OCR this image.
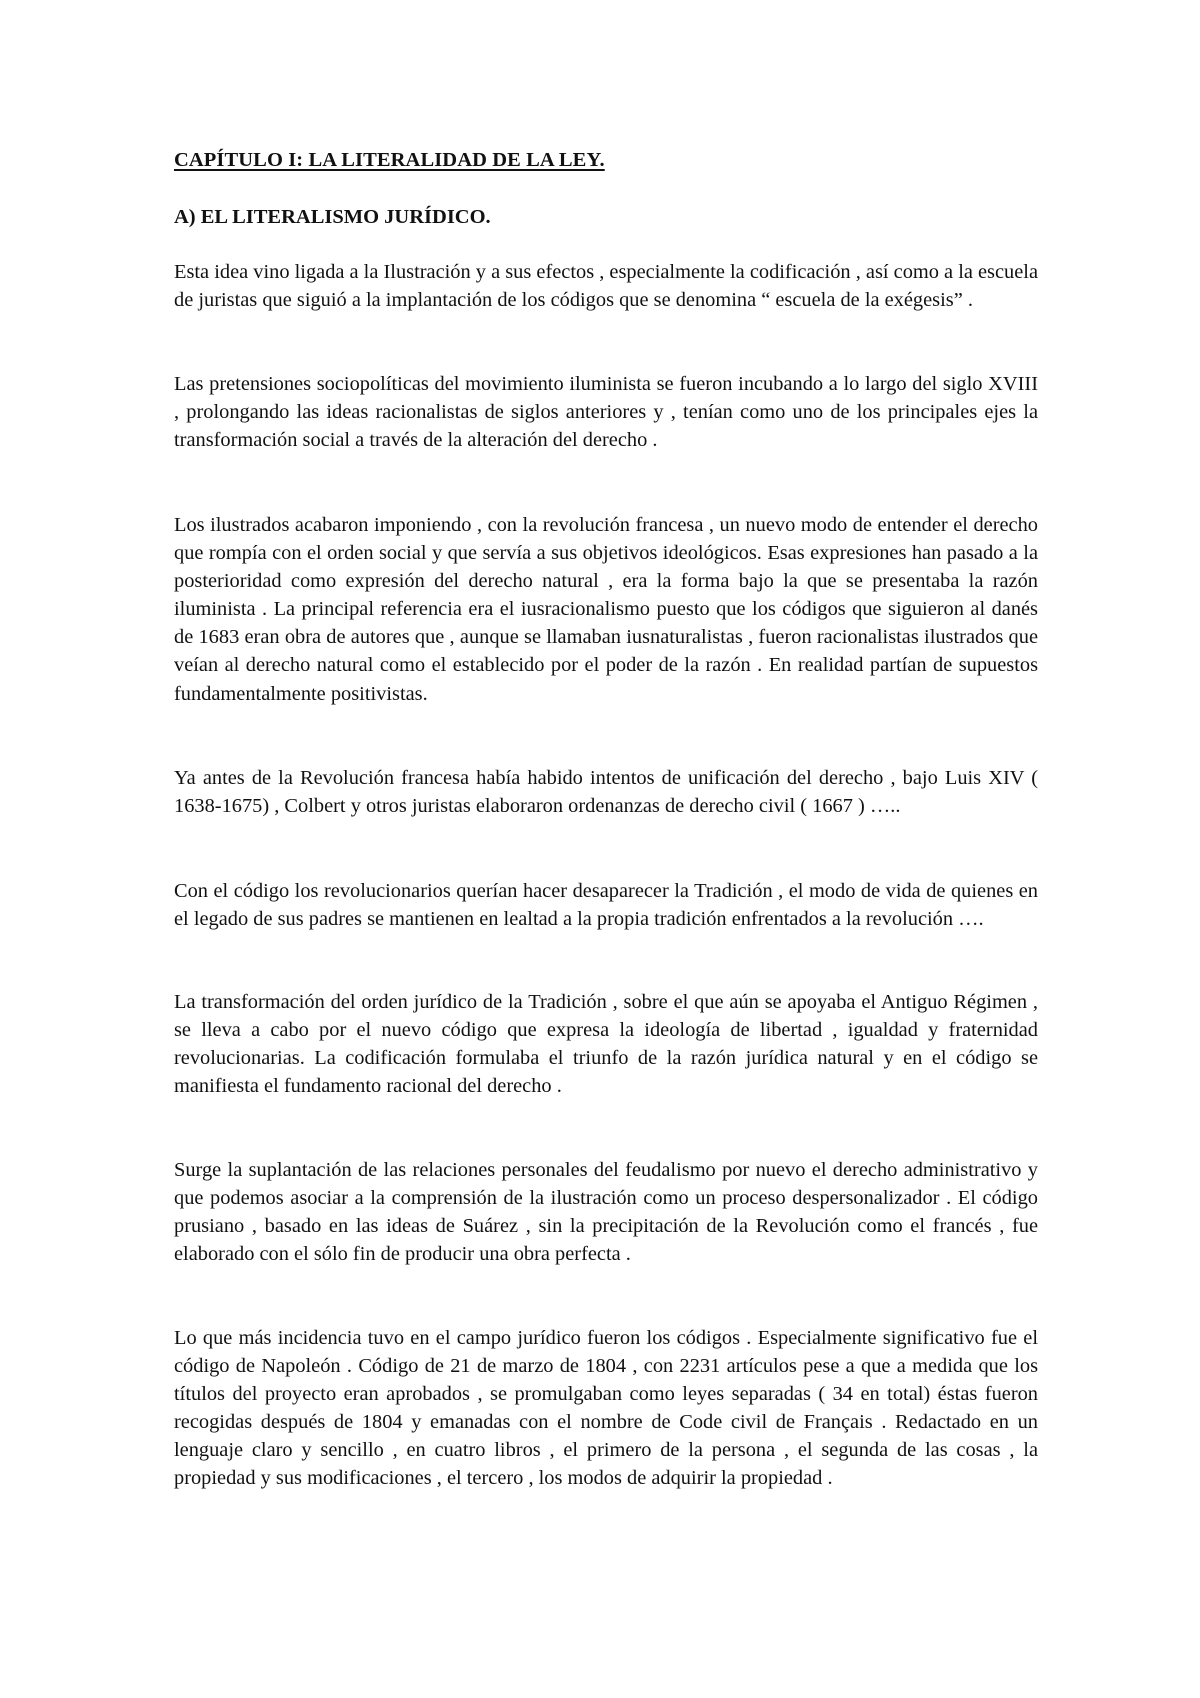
CAPÍTULO I: LA LITERALIDAD DE LA LEY.
A) EL LITERALISMO JURÍDICO.

Esta idea vino ligada a la Ilustración y a sus efectos , especialmente la codificación , así como a la escuela de juristas que siguió a la implantación de los códigos que se denomina “ escuela de la exégesis” .

Las pretensiones sociopolíticas del movimiento iluminista se fueron incubando a lo largo del siglo XVIII , prolongando las ideas racionalistas de siglos anteriores y , tenían como uno de los principales ejes la transformación social a través de la alteración del derecho .

Los ilustrados acabaron imponiendo , con la revolución francesa , un nuevo modo de entender el derecho que rompía con el orden social y que servía a sus objetivos ideológicos. Esas expresiones han pasado a la posterioridad como expresión del derecho natural , era la forma bajo la que se presentaba la razón iluminista . La principal referencia era el iusracionalismo puesto que los códigos que siguieron al danés de 1683 eran obra de autores que , aunque se llamaban iusnaturalistas , fueron racionalistas ilustrados que veían al derecho natural como el establecido por el poder de la razón . En realidad partían de supuestos fundamentalmente positivistas.

Ya antes de la Revolución francesa había habido intentos de unificación del derecho , bajo Luis XIV ( 1638-1675) , Colbert y otros juristas elaboraron ordenanzas de derecho civil ( 1667 ) …..

Con el código los revolucionarios querían hacer desaparecer la Tradición , el modo de vida de quienes en el legado de sus padres se mantienen en lealtad a la propia tradición enfrentados a la revolución ….

La transformación del orden jurídico de la Tradición , sobre el que aún se apoyaba el Antiguo Régimen , se lleva a cabo por el nuevo código que expresa la ideología de libertad , igualdad y fraternidad revolucionarias. La codificación formulaba el triunfo de la razón jurídica natural y en el código se manifiesta el fundamento racional del derecho .

Surge la suplantación de las relaciones personales del feudalismo por nuevo el derecho administrativo y que podemos asociar a la comprensión de la ilustración como un proceso despersonalizador . El código prusiano , basado en las ideas de Suárez , sin la precipitación de la Revolución como el francés , fue elaborado con el sólo fin de producir una obra perfecta .

Lo que más incidencia tuvo en el campo jurídico fueron los códigos . Especialmente significativo fue el código de Napoleón . Código de 21 de marzo de 1804 , con 2231 artículos pese a que a medida que los títulos del proyecto eran aprobados , se promulgaban como leyes separadas ( 34 en total) éstas fueron recogidas después de 1804 y emanadas con el nombre de Code civil de Français . Redactado en un lenguaje claro y sencillo , en cuatro libros , el primero de la persona , el segunda de las cosas , la propiedad y sus modificaciones , el tercero , los modos de adquirir la propiedad .
